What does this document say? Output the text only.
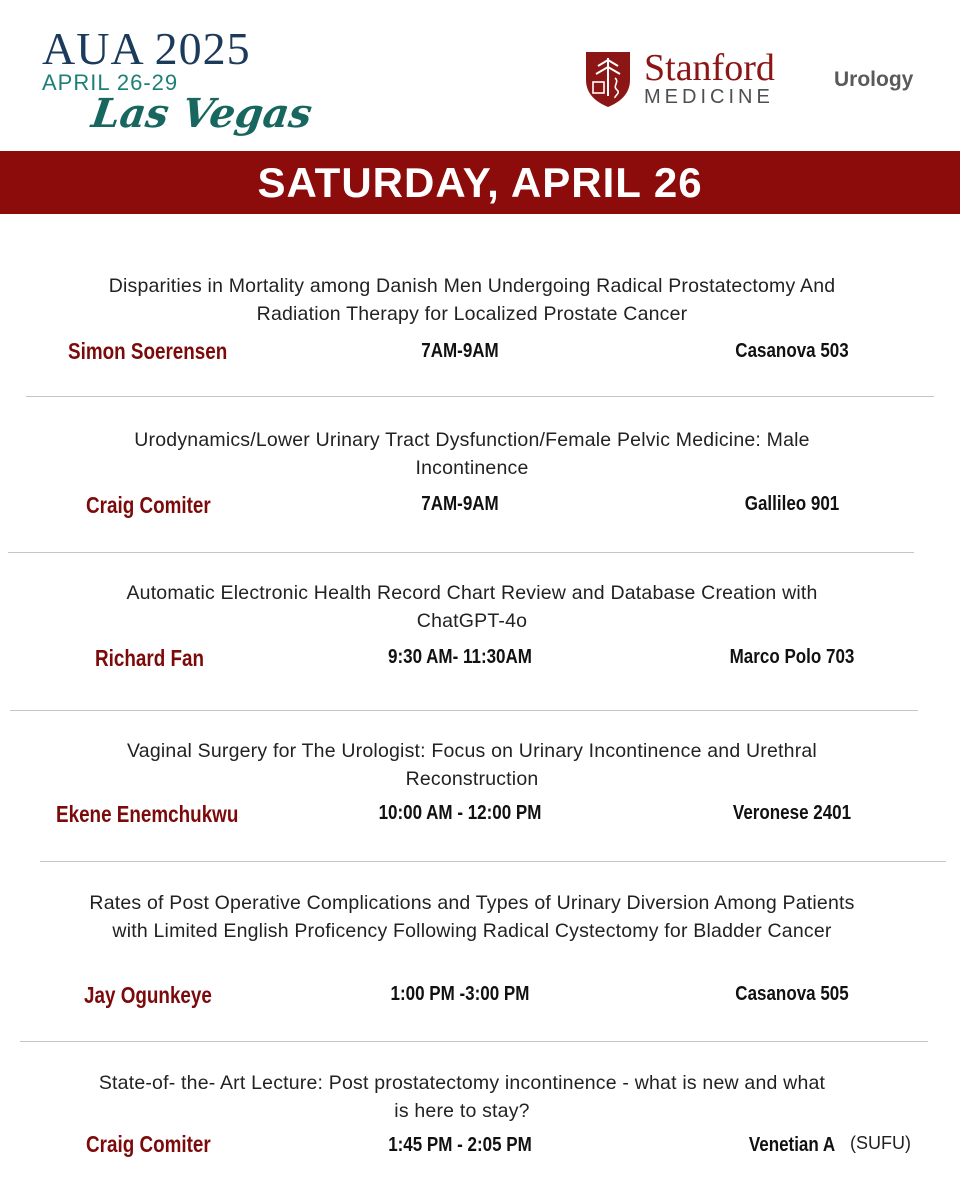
AUA 2025
APRIL 26-29
Las Vegas
Stanford
MEDICINE
Urology
SATURDAY, APRIL 26
Disparities in Mortality among Danish Men Undergoing Radical Prostatectomy And
Radiation Therapy for Localized Prostate Cancer
Simon Soerensen	7AM-9AM	Casanova 503
Urodynamics/Lower Urinary Tract Dysfunction/Female Pelvic Medicine: Male
Incontinence
Craig Comiter	7AM-9AM	Gallileo 901
Automatic Electronic Health Record Chart Review and Database Creation with
ChatGPT-4o
Richard Fan	9:30 AM- 11:30AM	Marco Polo 703
Vaginal Surgery for The Urologist: Focus on Urinary Incontinence and Urethral
Reconstruction
Ekene Enemchukwu	10:00 AM - 12:00 PM	Veronese 2401
Rates of Post Operative Complications and Types of Urinary Diversion Among Patients
with Limited English Proficency Following Radical Cystectomy for Bladder Cancer
Jay Ogunkeye	1:00 PM -3:00 PM	Casanova 505
State-of- the- Art Lecture: Post prostatectomy incontinence - what is new and what
is here to stay?
Craig Comiter	1:45 PM - 2:05 PM	Venetian A (SUFU)
